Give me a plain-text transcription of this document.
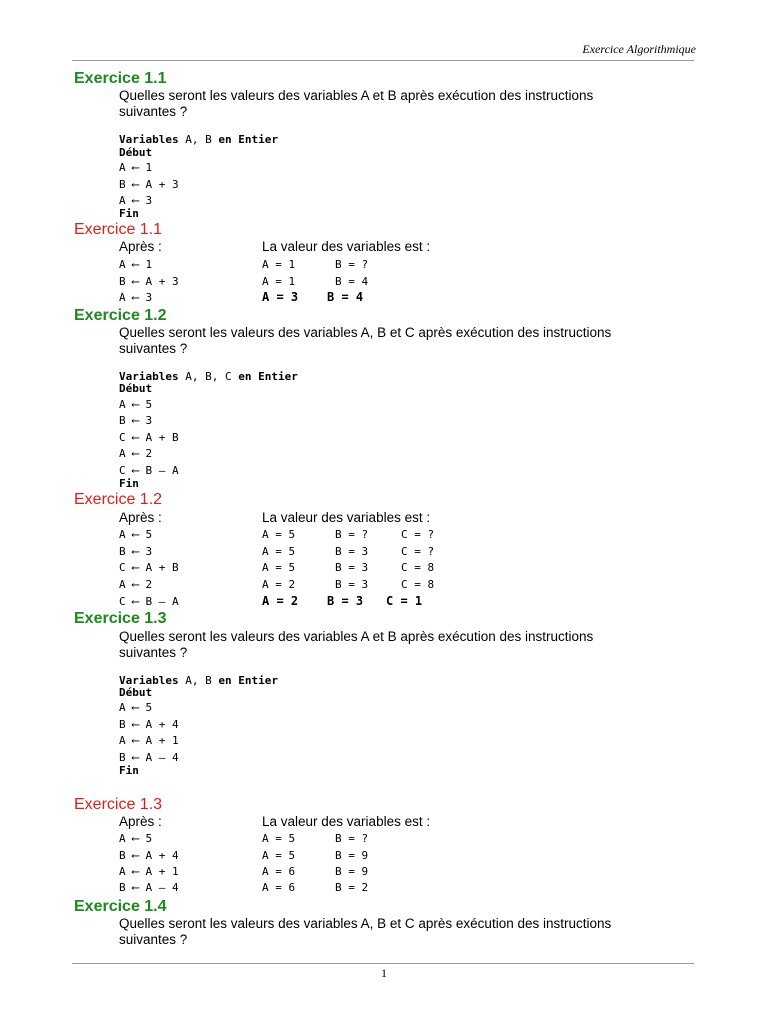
Exercice Algorithmique
1
Exercice 1.1
Quelles seront les valeurs des variables A et B après exécution des instructions
suivantes ?
Variables A, B en Entier
Début
A ⟵ 1
B ⟵ A + 3
A ⟵ 3
Fin
Exercice 1.1
Après :	La valeur des variables est :
A ⟵ 1	A = 1	B = ?
B ⟵ A + 3	A = 1	B = 4
A ⟵ 3	A = 3 B = 4
Exercice 1.2
Quelles seront les valeurs des variables A, B et C après exécution des instructions
suivantes ?
Variables A, B, C en Entier
Début
A ⟵ 5
B ⟵ 3
C ⟵ A + B
A ⟵ 2
C ⟵ B – A
Fin
Exercice 1.2
Après :	La valeur des variables est :
A ⟵ 5	A = 5	B = ?	C = ?
B ⟵ 3	A = 5	B = 3	C = ?
C ⟵ A + B	A = 5	B = 3	C = 8
A ⟵ 2	A = 2	B = 3	C = 8
C ⟵ B – A	A = 2 B = 3 C = 1
Exercice 1.3
Quelles seront les valeurs des variables A et B après exécution des instructions
suivantes ?
Variables A, B en Entier
Début
A ⟵ 5
B ⟵ A + 4
A ⟵ A + 1
B ⟵ A – 4
Fin
Exercice 1.3
Après :	La valeur des variables est :
A ⟵ 5	A = 5	B = ?
B ⟵ A + 4	A = 5	B = 9
A ⟵ A + 1	A = 6	B = 9
B ⟵ A – 4	A = 6	B = 2
Exercice 1.4
Quelles seront les valeurs des variables A, B et C après exécution des instructions
suivantes ?
